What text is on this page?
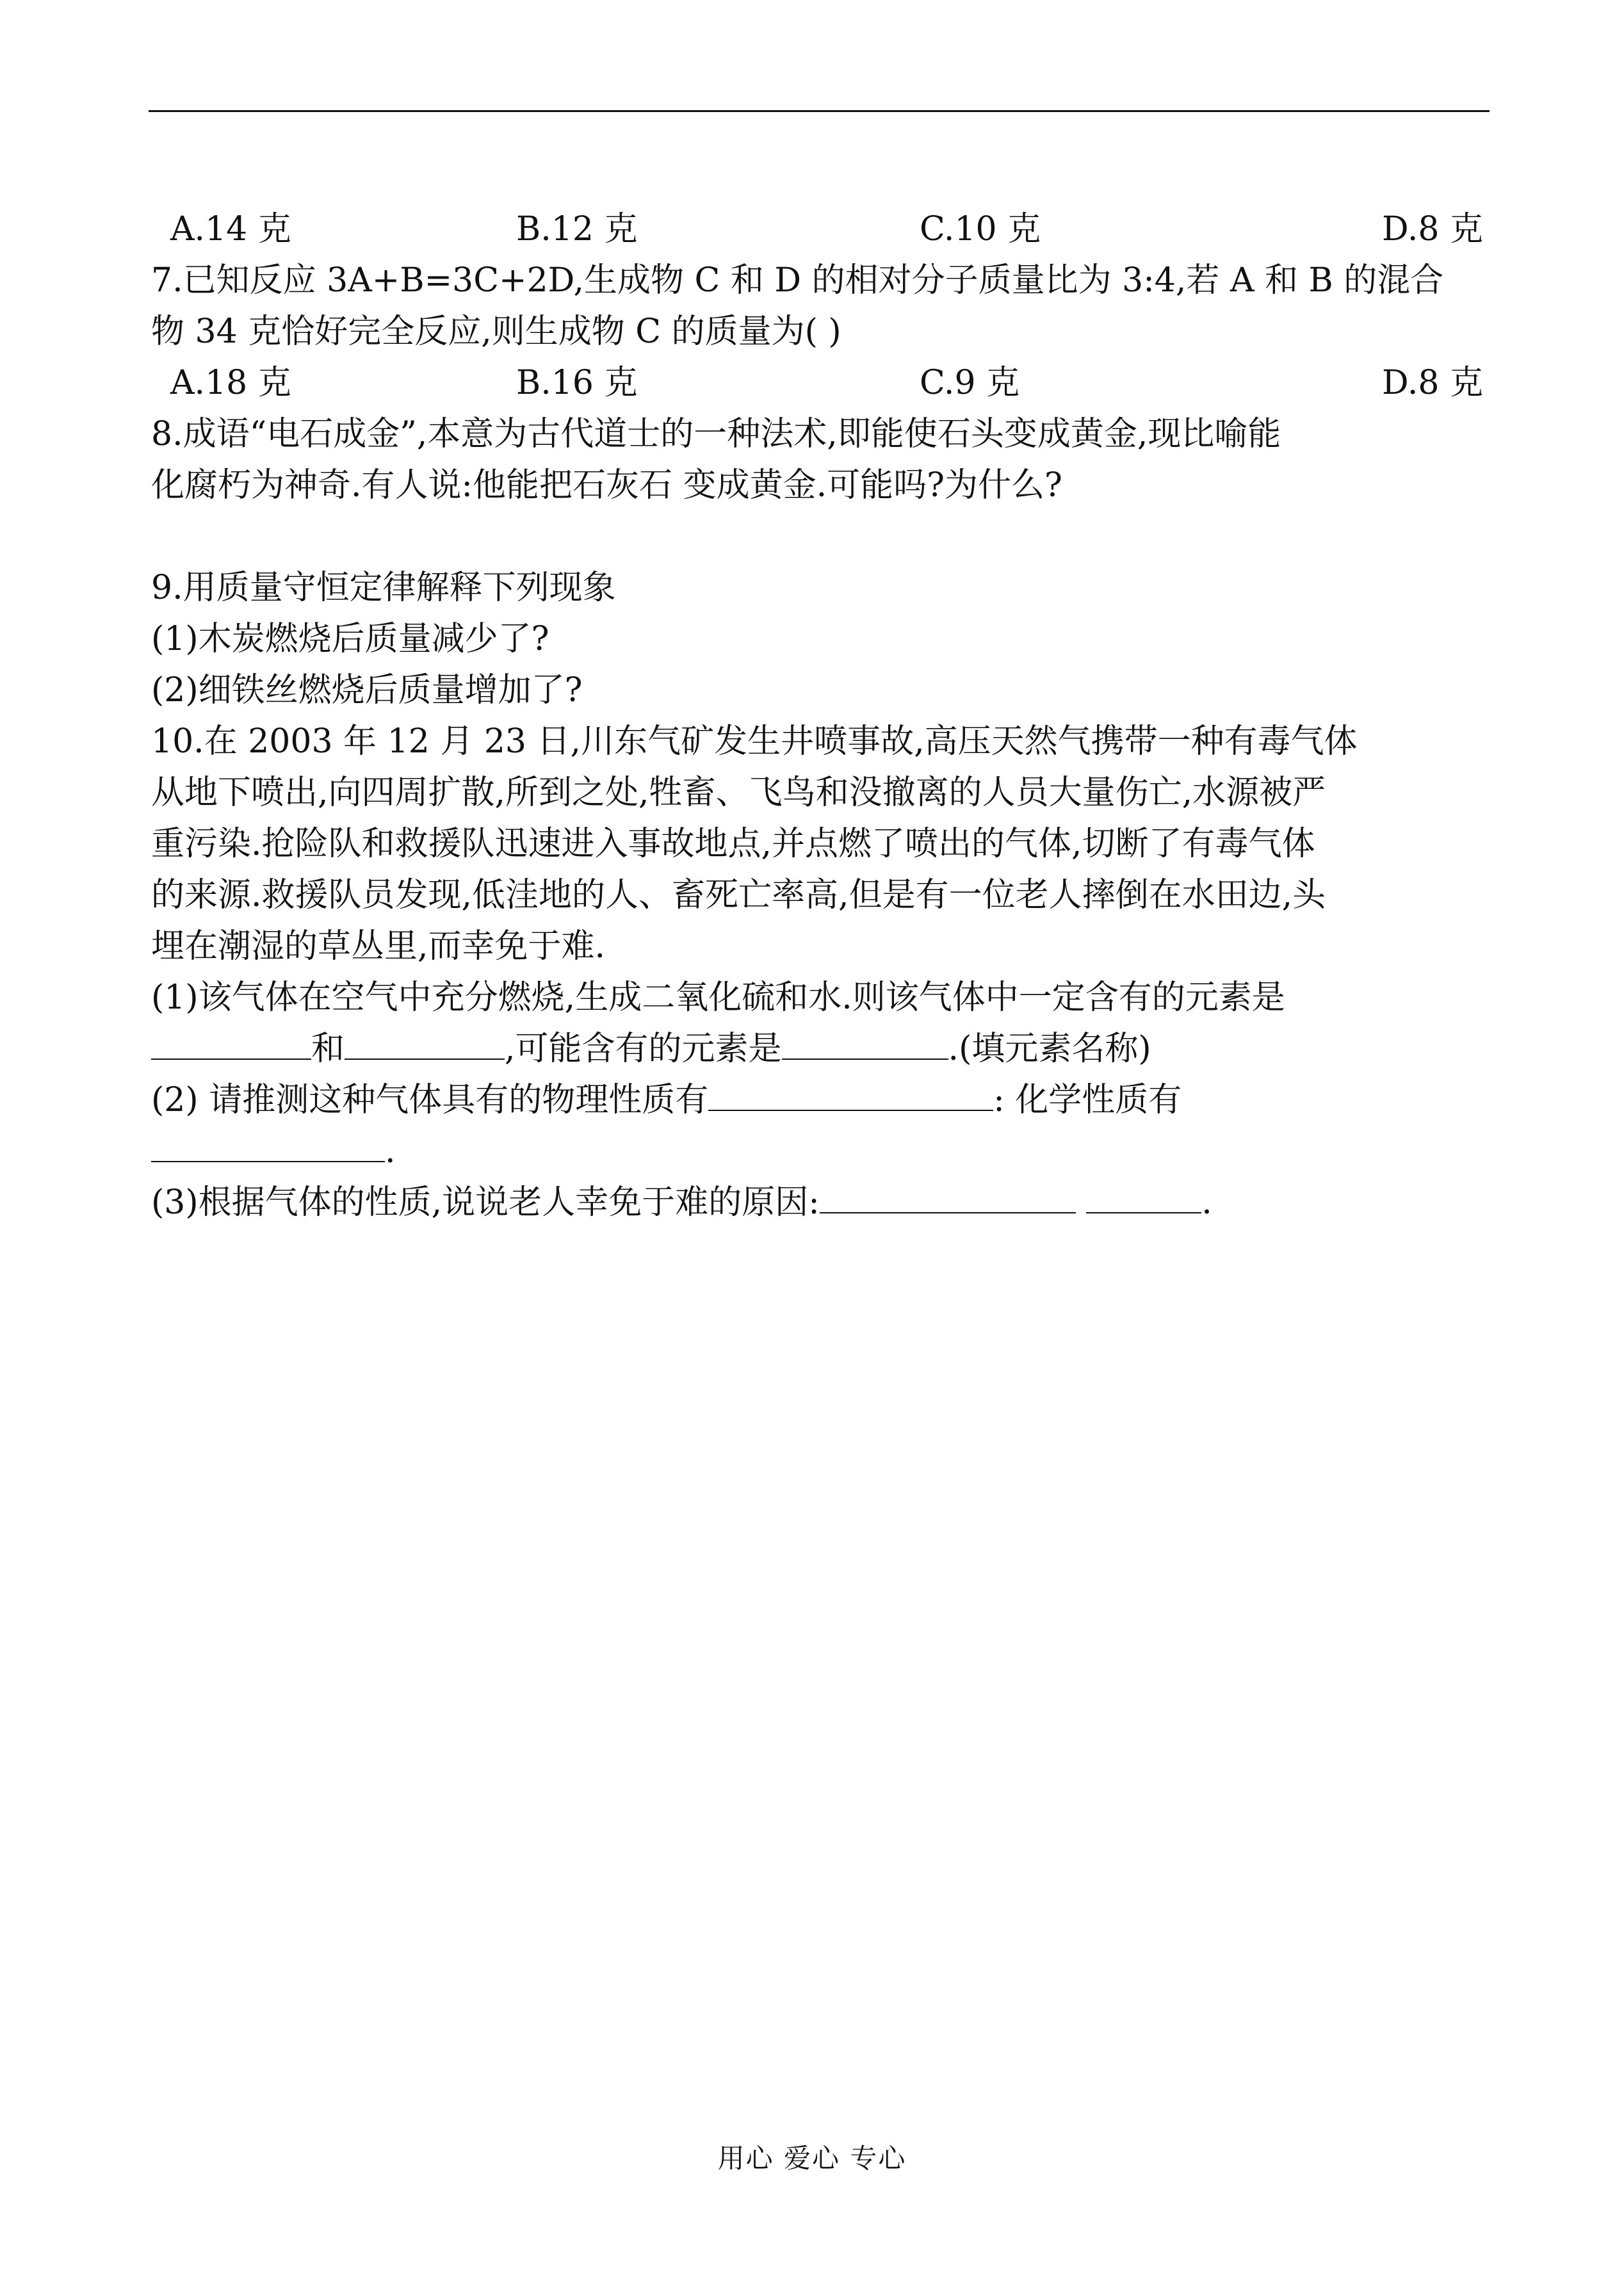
A.14 克	B.12 克	C.10 克	D.8 克
7.已知反应 3A+B=3C+2D,生成物 C 和 D 的相对分子质量比为 3:4,若 A 和 B 的混合
物 34 克恰好完全反应,则生成物 C 的质量为( )
A.18 克	B.16 克	C.9 克	D.8 克
8.成语“电石成金”,本意为古代道士的一种法术,即能使石头变成黄金,现比喻能
化腐朽为神奇.有人说:他能把石灰石 变成黄金.可能吗?为什么?
9.用质量守恒定律解释下列现象
(1)木炭燃烧后质量减少了?
(2)细铁丝燃烧后质量增加了?
10.在 2003 年 12 月 23 日,川东气矿发生井喷事故,高压天然气携带一种有毒气体
从地下喷出,向四周扩散,所到之处,牲畜、飞鸟和没撤离的人员大量伤亡,水源被严
重污染.抢险队和救援队迅速进入事故地点,并点燃了喷出的气体,切断了有毒气体
的来源.救援队员发现,低洼地的人、畜死亡率高,但是有一位老人摔倒在水田边,头
埋在潮湿的草丛里,而幸免于难.
(1)该气体在空气中充分燃烧,生成二氧化硫和水.则该气体中一定含有的元素是
和	,可能含有的元素是	.(填元素名称)
(2) 请推测这种气体具有的物理性质有	: 化学性质有
.
(3)根据气体的性质,说说老人幸免于难的原因:	.
用心 爱心 专心
